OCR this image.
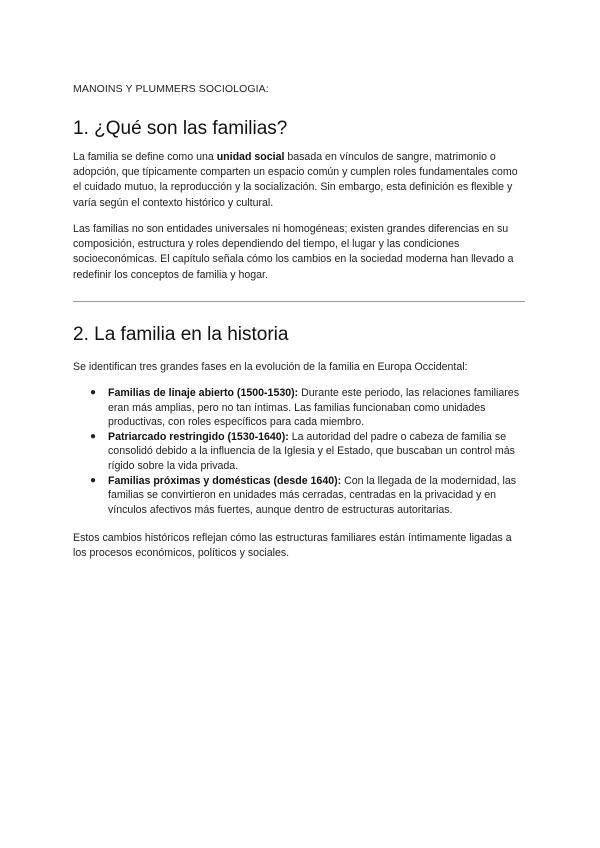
MANOINS Y PLUMMERS SOCIOLOGIA:
1. ¿Qué son las familias?

La familia se define como una unidad social basada en vínculos de sangre, matrimonio o adopción, que típicamente comparten un espacio común y cumplen roles fundamentales como el cuidado mutuo, la reproducción y la socialización. Sin embargo, esta definición es flexible y varía según el contexto histórico y cultural.

Las familias no son entidades universales ni homogéneas; existen grandes diferencias en su composición, estructura y roles dependiendo del tiempo, el lugar y las condiciones socioeconómicas. El capítulo señala cómo los cambios en la sociedad moderna han llevado a redefinir los conceptos de familia y hogar.

2. La familia en la historia

Se identifican tres grandes fases en la evolución de la familia en Europa Occidental:

● Familias de linaje abierto (1500-1530): Durante este periodo, las relaciones familiares eran más amplias, pero no tan íntimas. Las familias funcionaban como unidades productivas, con roles específicos para cada miembro.
● Patriarcado restringido (1530-1640): La autoridad del padre o cabeza de familia se consolidó debido a la influencia de la Iglesia y el Estado, que buscaban un control más rígido sobre la vida privada.
● Familias próximas y domésticas (desde 1640): Con la llegada de la modernidad, las familias se convirtieron en unidades más cerradas, centradas en la privacidad y en vínculos afectivos más fuertes, aunque dentro de estructuras autoritarias.

Estos cambios históricos reflejan cómo las estructuras familiares están íntimamente ligadas a los procesos económicos, políticos y sociales.
